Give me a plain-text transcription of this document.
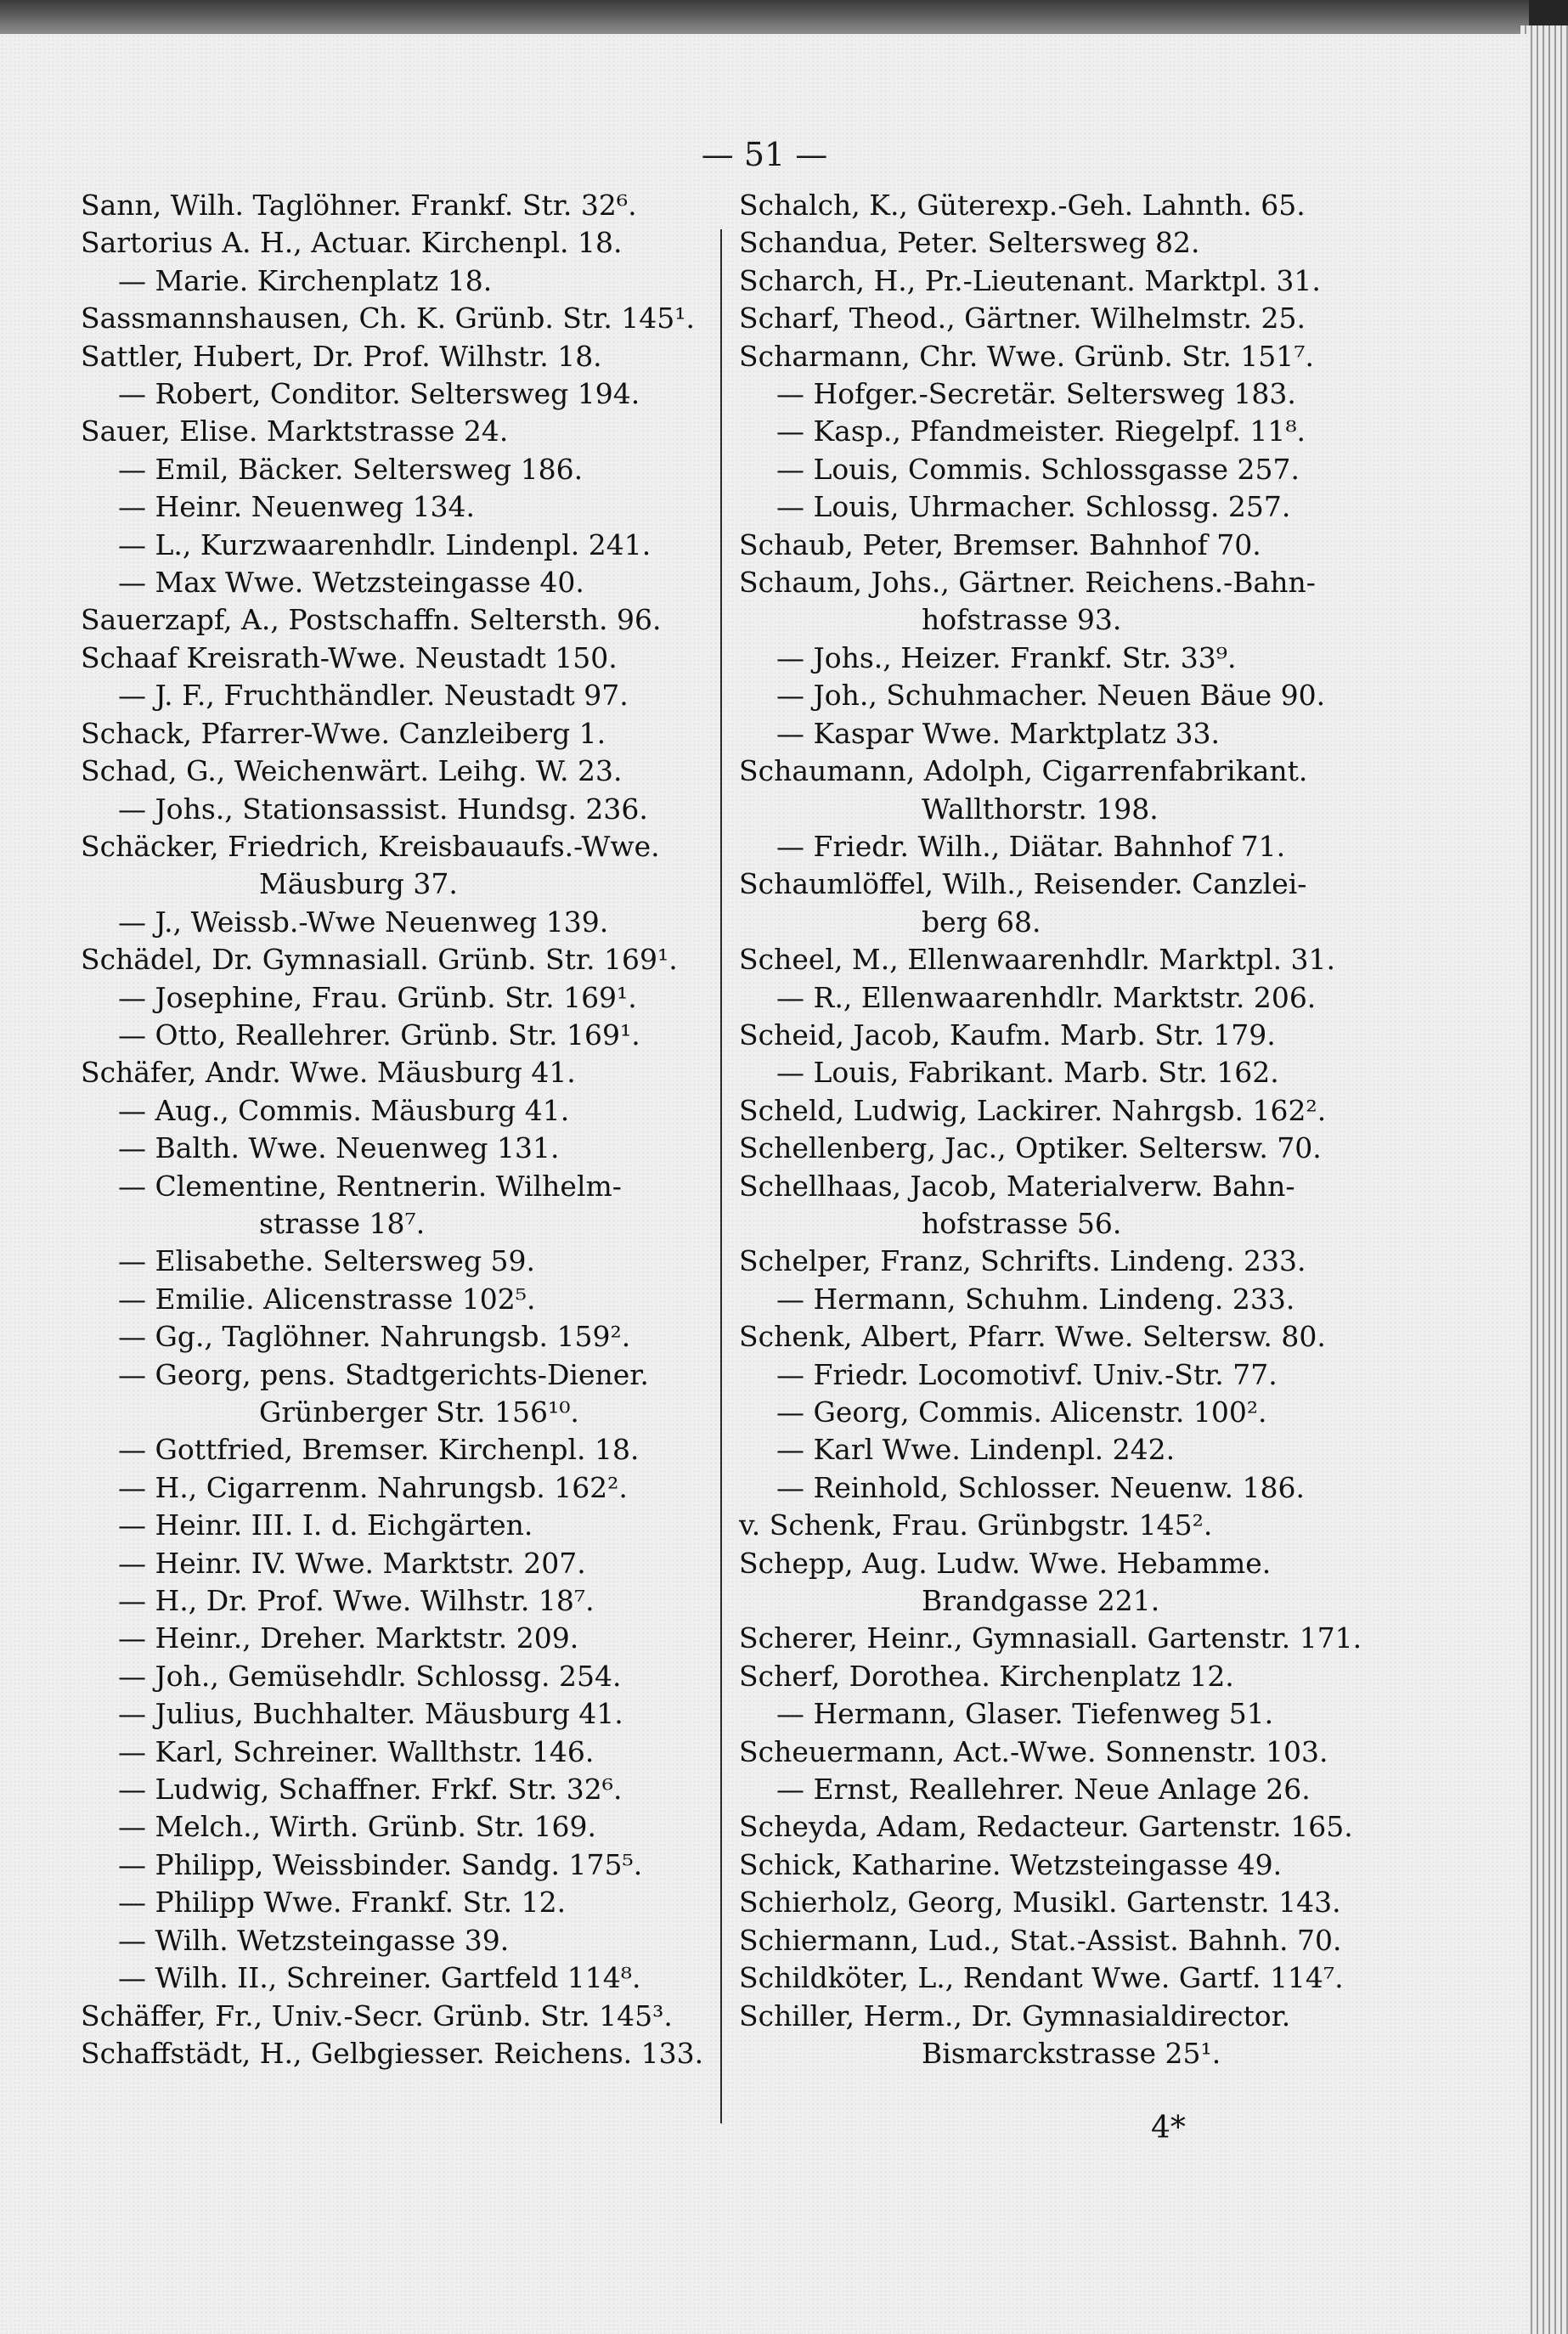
— 51 —
Sann, Wilh. Taglöhner. Frankf. Str. 32⁶.
Sartorius A. H., Actuar. Kirchenpl. 18.
— Marie. Kirchenplatz 18.
Sassmannshausen, Ch. K. Grünb. Str. 145¹.
Sattler, Hubert, Dr. Prof. Wilhstr. 18.
— Robert, Conditor. Seltersweg 194.
Sauer, Elise. Marktstrasse 24.
— Emil, Bäcker. Seltersweg 186.
— Heinr. Neuenweg 134.
— L., Kurzwaarenhdlr. Lindenpl. 241.
— Max Wwe. Wetzsteingasse 40.
Sauerzapf, A., Postschaffn. Seltersth. 96.
Schaaf Kreisrath-Wwe. Neustadt 150.
— J. F., Fruchthändler. Neustadt 97.
Schack, Pfarrer-Wwe. Canzleiberg 1.
Schad, G., Weichenwärt. Leihg. W. 23.
— Johs., Stationsassist. Hundsg. 236.
Schäcker, Friedrich, Kreisbauaufs.-Wwe.
Mäusburg 37.
— J., Weissb.-Wwe Neuenweg 139.
Schädel, Dr. Gymnasiall. Grünb. Str. 169¹.
— Josephine, Frau. Grünb. Str. 169¹.
— Otto, Reallehrer. Grünb. Str. 169¹.
Schäfer, Andr. Wwe. Mäusburg 41.
— Aug., Commis. Mäusburg 41.
— Balth. Wwe. Neuenweg 131.
— Clementine, Rentnerin. Wilhelm-
strasse 18⁷.
— Elisabethe. Seltersweg 59.
— Emilie. Alicenstrasse 102⁵.
— Gg., Taglöhner. Nahrungsb. 159².
— Georg, pens. Stadtgerichts-Diener.
Grünberger Str. 156¹⁰.
— Gottfried, Bremser. Kirchenpl. 18.
— H., Cigarrenm. Nahrungsb. 162².
— Heinr. III. I. d. Eichgärten.
— Heinr. IV. Wwe. Marktstr. 207.
— H., Dr. Prof. Wwe. Wilhstr. 18⁷.
— Heinr., Dreher. Marktstr. 209.
— Joh., Gemüsehdlr. Schlossg. 254.
— Julius, Buchhalter. Mäusburg 41.
— Karl, Schreiner. Wallthstr. 146.
— Ludwig, Schaffner. Frkf. Str. 32⁶.
— Melch., Wirth. Grünb. Str. 169.
— Philipp, Weissbinder. Sandg. 175⁵.
— Philipp Wwe. Frankf. Str. 12.
— Wilh. Wetzsteingasse 39.
— Wilh. II., Schreiner. Gartfeld 114⁸.
Schäffer, Fr., Univ.-Secr. Grünb. Str. 145³.
Schaffstädt, H., Gelbgiesser. Reichens. 133.
Schalch, K., Güterexp.-Geh. Lahnth. 65.
Schandua, Peter. Seltersweg 82.
Scharch, H., Pr.-Lieutenant. Marktpl. 31.
Scharf, Theod., Gärtner. Wilhelmstr. 25.
Scharmann, Chr. Wwe. Grünb. Str. 151⁷.
— Hofger.-Secretär. Seltersweg 183.
— Kasp., Pfandmeister. Riegelpf. 11⁸.
— Louis, Commis. Schlossgasse 257.
— Louis, Uhrmacher. Schlossg. 257.
Schaub, Peter, Bremser. Bahnhof 70.
Schaum, Johs., Gärtner. Reichens.-Bahn-
hofstrasse 93.
— Johs., Heizer. Frankf. Str. 33⁹.
— Joh., Schuhmacher. Neuen Bäue 90.
— Kaspar Wwe. Marktplatz 33.
Schaumann, Adolph, Cigarrenfabrikant.
Wallthorstr. 198.
— Friedr. Wilh., Diätar. Bahnhof 71.
Schaumlöffel, Wilh., Reisender. Canzlei-
berg 68.
Scheel, M., Ellenwaarenhdlr. Marktpl. 31.
— R., Ellenwaarenhdlr. Marktstr. 206.
Scheid, Jacob, Kaufm. Marb. Str. 179.
— Louis, Fabrikant. Marb. Str. 162.
Scheld, Ludwig, Lackirer. Nahrgsb. 162².
Schellenberg, Jac., Optiker. Seltersw. 70.
Schellhaas, Jacob, Materialverw. Bahn-
hofstrasse 56.
Schelper, Franz, Schrifts. Lindeng. 233.
— Hermann, Schuhm. Lindeng. 233.
Schenk, Albert, Pfarr. Wwe. Seltersw. 80.
— Friedr. Locomotivf. Univ.-Str. 77.
— Georg, Commis. Alicenstr. 100².
— Karl Wwe. Lindenpl. 242.
— Reinhold, Schlosser. Neuenw. 186.
v. Schenk, Frau. Grünbgstr. 145².
Schepp, Aug. Ludw. Wwe. Hebamme.
Brandgasse 221.
Scherer, Heinr., Gymnasiall. Gartenstr. 171.
Scherf, Dorothea. Kirchenplatz 12.
— Hermann, Glaser. Tiefenweg 51.
Scheuermann, Act.-Wwe. Sonnenstr. 103.
— Ernst, Reallehrer. Neue Anlage 26.
Scheyda, Adam, Redacteur. Gartenstr. 165.
Schick, Katharine. Wetzsteingasse 49.
Schierholz, Georg, Musikl. Gartenstr. 143.
Schiermann, Lud., Stat.-Assist. Bahnh. 70.
Schildköter, L., Rendant Wwe. Gartf. 114⁷.
Schiller, Herm., Dr. Gymnasialdirector.
Bismarckstrasse 25¹.
4*
